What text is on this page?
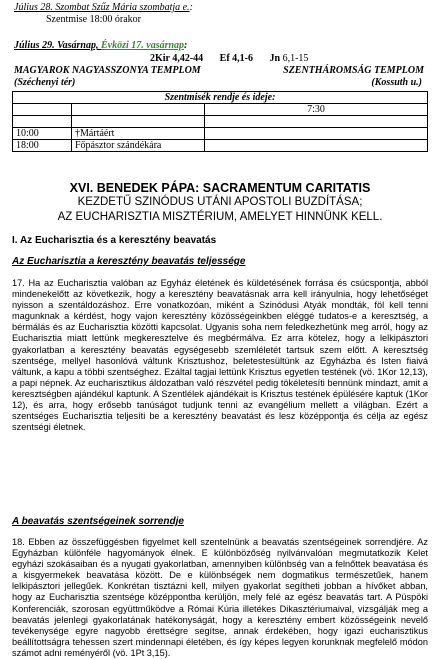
Július 28. Szombat Szűz Mária szombatja e.:
Szentmise 18:00 órakor
Július 29. Vasárnap, Évközi 17. vasárnap:
2Kir 4,42-44 Ef 4,1-6 Jn 6,1-15
MAGYAROK NAGYASSZONYA TEMPLOM	SZENTHÁROMSÁG TEMPLOM
(Széchenyi tér)	(Kossuth u.)
Szentmisék rendje és ideje:		
		7:30

10:00	†Mártáért	
18:00	Főpásztor szándékára	
XVI. BENEDEK PÁPA: SACRAMENTUM CARITATIS
KEZDETŰ SZINÓDUS UTÁNI APOSTOLI BUZDÍTÁSA;
AZ EUCHARISZTIA MISZTÉRIUM, AMELYET HINNÜNK KELL.
I. Az Eucharisztia és a keresztény beavatás
Az Eucharisztia a keresztény beavatás teljessége
17. Ha az Eucharisztia valóban az Egyház életének és küldetésének forrása és csúcspontja, abból mindenekelőtt az következik, hogy a keresztény beavatásnak arra kell irányulnia, hogy lehetőséget nyisson a szentáldozáshoz. Erre vonatkozóan, miként a Szinódusi Atyák mondták, föl kell tenni magunknak a kérdést, hogy vajon keresztény közösségeinkben eléggé tudatos-e a keresztség, a bérmálás és az Eucharisztia közötti kapcsolat. Ugyanis soha nem feledkezhetünk meg arról, hogy az Eucharisztia miatt lettünk megkeresztelve és megbérmálva. Ez arra kötelez, hogy a lelkipásztori gyakorlatban a keresztény beavatás egységesebb szemléletét tartsuk szem előtt. A keresztség szentsége, mellyel hasonlóvá váltunk Krisztushoz, beletestesültünk az Egyházba és Isten fiaivá váltunk, a kapu a többi szentséghez. Ezáltal tagjai lettünk Krisztus egyetlen testének (vö. 1Kor 12,13), a papi népnek. Az eucharisztikus áldozatban való részvétel pedig tökéletesíti bennünk mindazt, amit a keresztségben ajándékul kaptunk. A Szentlélek ajándékait is Krisztus testének épülésére kaptuk (1Kor 12), és arra, hogy erősebb tanúságot tudjunk tenni az evangélium mellett a világban. Ezért a szentséges Eucharisztia teljesíti be a keresztény beavatást és lesz középpontja és célja az egész szentségi életnek.
A beavatás szentségeinek sorrendje
18. Ebben az összefüggésben figyelmet kell szentelnünk a beavatás szentségeinek sorrendjére. Az Egyházban különféle hagyományok élnek. E különbözőség nyilvánvalóan megmutatkozik Kelet egyházi szokásaiban és a nyugati gyakorlatban, amennyiben különbség van a felnőttek beavatása és a kisgyermekek beavatása között. De e különbségek nem dogmatikus természetűek, hanem lelkipásztori jellegűek. Konkrétan tisztázni kell, milyen gyakorlat segítheti jobban a hívőket abban, hogy az Eucharisztia szentsége középpontba kerüljön, mely felé az egész beavatás tart. A Püspöki Konferenciák, szorosan együttműködve a Római Kúria illetékes Dikasztériumaival, vizsgálják meg a beavatás jelenlegi gyakorlatának hatékonyságát, hogy a keresztény embert közösségeink nevelő tevékenysége egyre nagyobb érettségre segítse, annak érdekében, hogy igazi eucharisztikus beállítottságra tehessen szert mindennapi életében, és így képes legyen korunknak megfelelő módon számot adni reményéről (vö. 1Pt 3,15).
